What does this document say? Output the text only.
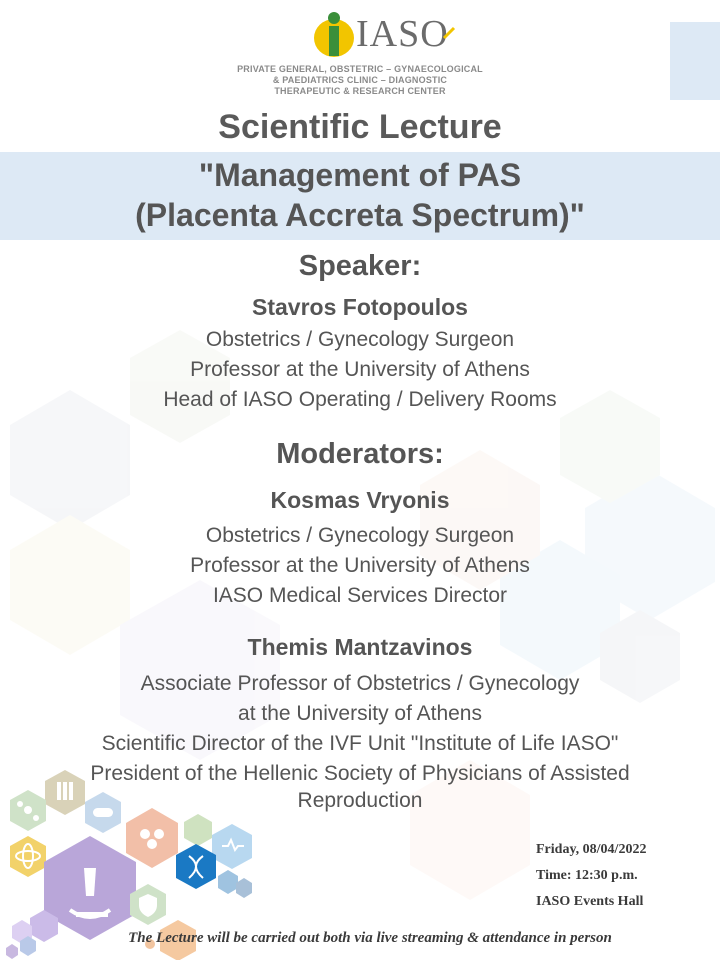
IASO
PRIVATE GENERAL, OBSTETRIC – GYNAECOLOGICAL
& PAEDIATRICS CLINIC – DIAGNOSTIC
THERAPEUTIC & RESEARCH CENTER
Scientific Lecture
"Management of PAS
(Placenta Accreta Spectrum)"
Speaker:
Stavros Fotopoulos
Obstetrics / Gynecology Surgeon
Professor at the University of Athens
Head of IASO Operating / Delivery Rooms
Moderators:
Kosmas Vryonis
Obstetrics / Gynecology Surgeon
Professor at the University of Athens
IASO Medical Services Director
Themis Mantzavinos
Associate Professor of Obstetrics / Gynecology
at the University of Athens
Scientific Director of the IVF Unit "Institute of Life IASO"
President of the Hellenic Society of Physicians of Assisted
Reproduction
Friday, 08/04/2022
Time: 12:30 p.m.
IASO Events Hall
The Lecture will be carried out both via live streaming & attendance in person
